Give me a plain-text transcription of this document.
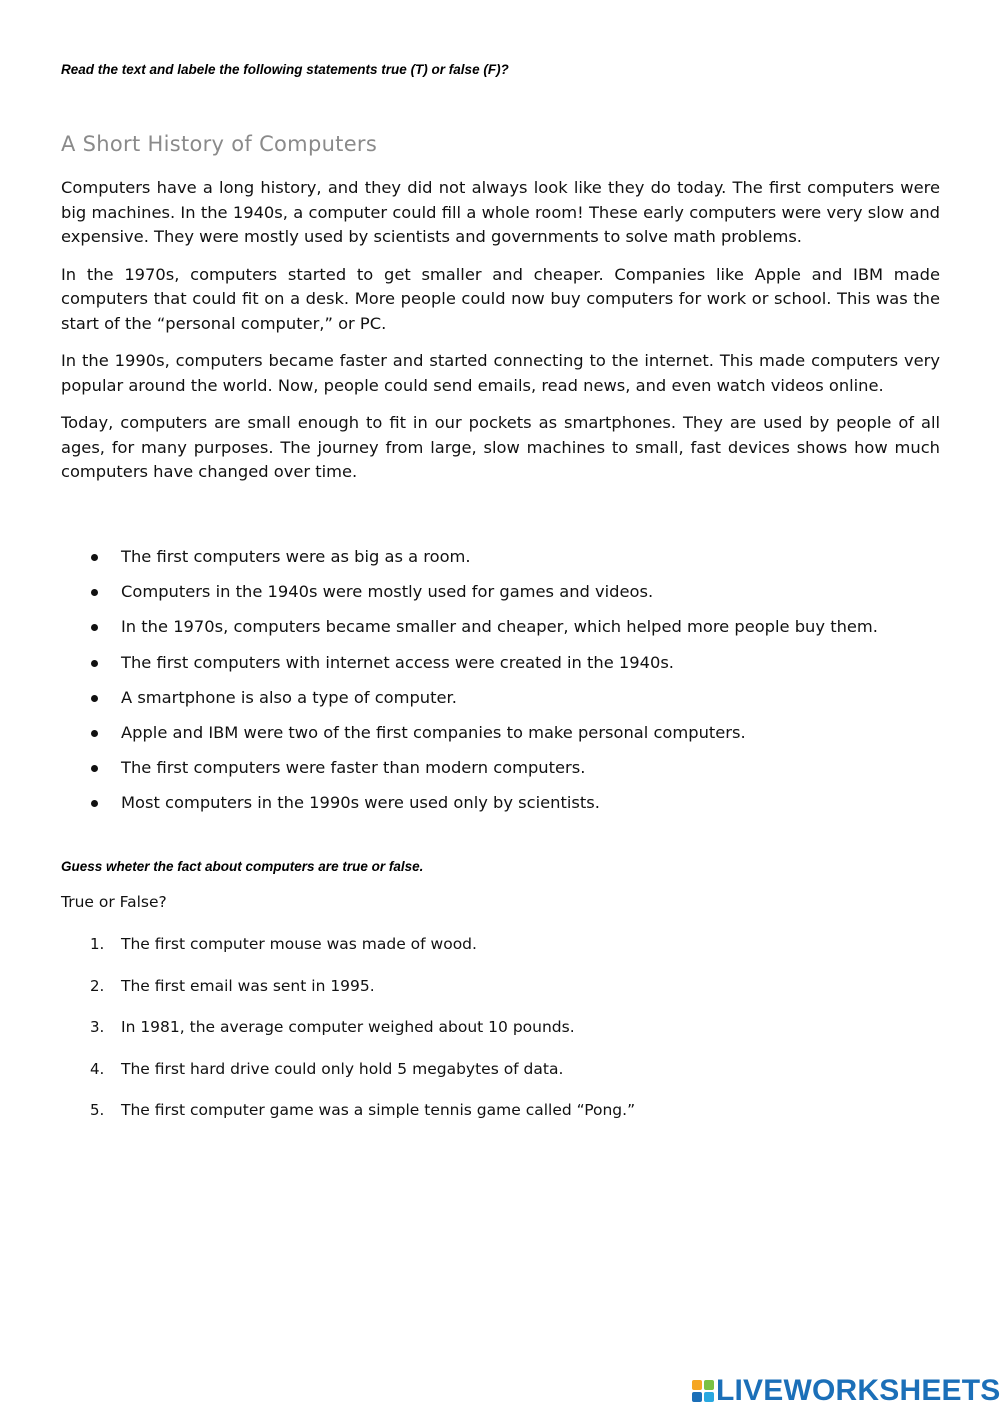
Read the text and labele the following statements true (T) or false (F)?
A Short History of Computers

Computers have a long history, and they did not always look like they do today. The first computers were big machines. In the 1940s, a computer could fill a whole room! These early computers were very slow and expensive. They were mostly used by scientists and governments to solve math problems.

In the 1970s, computers started to get smaller and cheaper. Companies like Apple and IBM made computers that could fit on a desk. More people could now buy computers for work or school. This was the start of the “personal computer,” or PC.

In the 1990s, computers became faster and started connecting to the internet. This made computers very popular around the world. Now, people could send emails, read news, and even watch videos online.

Today, computers are small enough to fit in our pockets as smartphones. They are used by people of all ages, for many purposes. The journey from large, slow machines to small, fast devices shows how much computers have changed over time.

The first computers were as big as a room.
Computers in the 1940s were mostly used for games and videos.
In the 1970s, computers became smaller and cheaper, which helped more people buy them.
The first computers with internet access were created in the 1940s.
A smartphone is also a type of computer.
Apple and IBM were two of the first companies to make personal computers.
The first computers were faster than modern computers.
Most computers in the 1990s were used only by scientists.
Guess wheter the fact about computers are true or false.
True or False?
1. The first computer mouse was made of wood.
2. The first email was sent in 1995.
3. In 1981, the average computer weighed about 10 pounds.
4. The first hard drive could only hold 5 megabytes of data.
5. The first computer game was a simple tennis game called “Pong.”
LIVEWORKSHEETS
